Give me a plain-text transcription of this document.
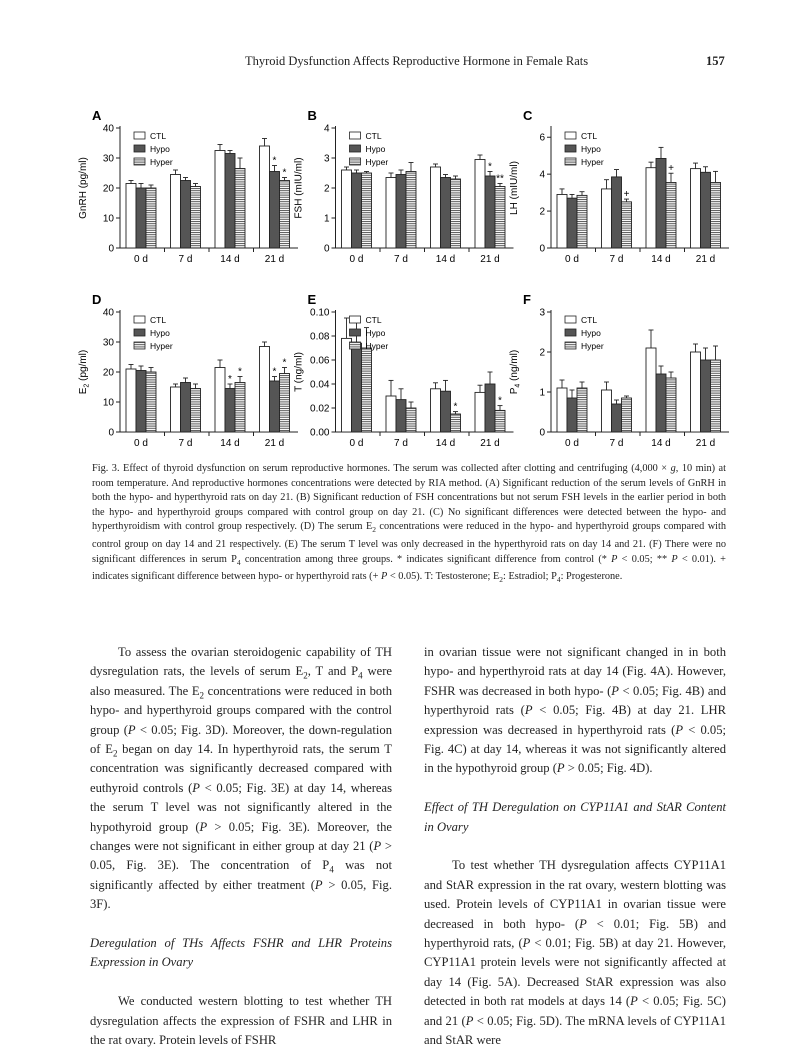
Thyroid Dysfunction Affects Reproductive Hormone in Female Rats	157
A
0
10
20
30
40
GnRH (pg/ml)
0 d	7 d	14 d
*
*
21 d
CTL
Hypo
Hyper
B
0
1
2
3
4
FSH (mIU/ml)
0 d	7 d	14 d
*
**
21 d
CTL
Hypo
Hyper
C
0
2
4
6
LH (mIU/ml)
0 d
+
7 d
+
14 d	21 d
CTL
Hypo
Hyper
D
0
10
20
30
40
$E_2$ (pg/ml)
0 d	7 d
*
*
14 d
*
*
21 d
CTL
Hypo
Hyper
E
0.00
0.02
0.04
0.06
0.08
0.10
T (ng/ml)
0 d	7 d
*
14 d
*
21 d
CTL
Hypo
Hyper
F
0
1
2
3
$P_4$ (ng/ml)
0 d	7 d	14 d	21 d
CTL
Hypo
Hyper
Fig. 3. Effect of thyroid dysfunction on serum reproductive hormones. The serum was collected after clotting and centrifuging (4,000 × g, 10 min) at room temperature. And reproductive hormones concentrations were detected by RIA method. (A) Significant reduction of the serum levels of GnRH in both the hypo- and hyperthyroid rats on day 21. (B) Significant reduction of FSH concentrations but not serum FSH levels in the earlier period in both the hypo- and hyperthyroid groups compared with control group on day 21. (C) No significant differences were detected between the hypo- and hyperthyroidism with control group respectively. (D) The serum $E_2$ concentrations were reduced in the hypo- and hyperthyroid groups compared with control group on day 14 and 21 respectively. (E) The serum T level was only decreased in the hyperthyroid rats on day 14 and 21. (F) There were no significant differences in serum $P_4$ concentration among three groups. * indicates significant difference from control (* P < 0.05; ** P < 0.01). + indicates significant difference between hypo- or hyperthyroid rats (+ P < 0.05). T: Testosterone; $E_2$: Estradiol; $P_4$: Progesterone.

To assess the ovarian steroidogenic capability of TH dysregulation rats, the levels of serum $E_2$, T and $P_4$ were also measured. The $E_2$ concentrations were reduced in both hypo- and hyperthyroid groups compared with the control group (P < 0.05; Fig. 3D). Moreover, the down-regulation of $E_2$ began on day 14. In hyperthyroid rats, the serum T concentration was significantly decreased compared with euthyroid controls (P < 0.05; Fig. 3E) at day 14, whereas the serum T level was not significantly altered in the hypothyroid group (P > 0.05; Fig. 3E). Moreover, the changes were not significant in either group at day 21 (P > 0.05, Fig. 3E). The concentration of $P_4$ was not significantly affected by either treatment (P > 0.05, Fig. 3F).

Deregulation of THs Affects FSHR and LHR Proteins Expression in Ovary

We conducted western blotting to test whether TH dysregulation affects the expression of FSHR and LHR in the rat ovary. Protein levels of FSHR

in ovarian tissue were not significant changed in in both hypo- and hyperthyroid rats at day 14 (Fig. 4A). However, FSHR was decreased in both hypo- (P < 0.05; Fig. 4B) and hyperthyroid rats (P < 0.05; Fig. 4B) at day 21. LHR expression was decreased in hyperthyroid rats (P < 0.05; Fig. 4C) at day 14, whereas it was not significantly altered in the hypothyroid group (P > 0.05; Fig. 4D).

Effect of TH Deregulation on CYP11A1 and StAR Content in Ovary

To test whether TH dysregulation affects CYP11A1 and StAR expression in the rat ovary, western blotting was used. Protein levels of CYP11A1 in ovarian tissue were decreased in both hypo- (P < 0.01; Fig. 5B) and hyperthyroid rats, (P < 0.01; Fig. 5B) at day 21. However, CYP11A1 protein levels were not significantly affected at day 14 (Fig. 5A). Decreased StAR expression was also detected in both rat models at days 14 (P < 0.05; Fig. 5C) and 21 (P < 0.05; Fig. 5D). The mRNA levels of CYP11A1 and StAR were
